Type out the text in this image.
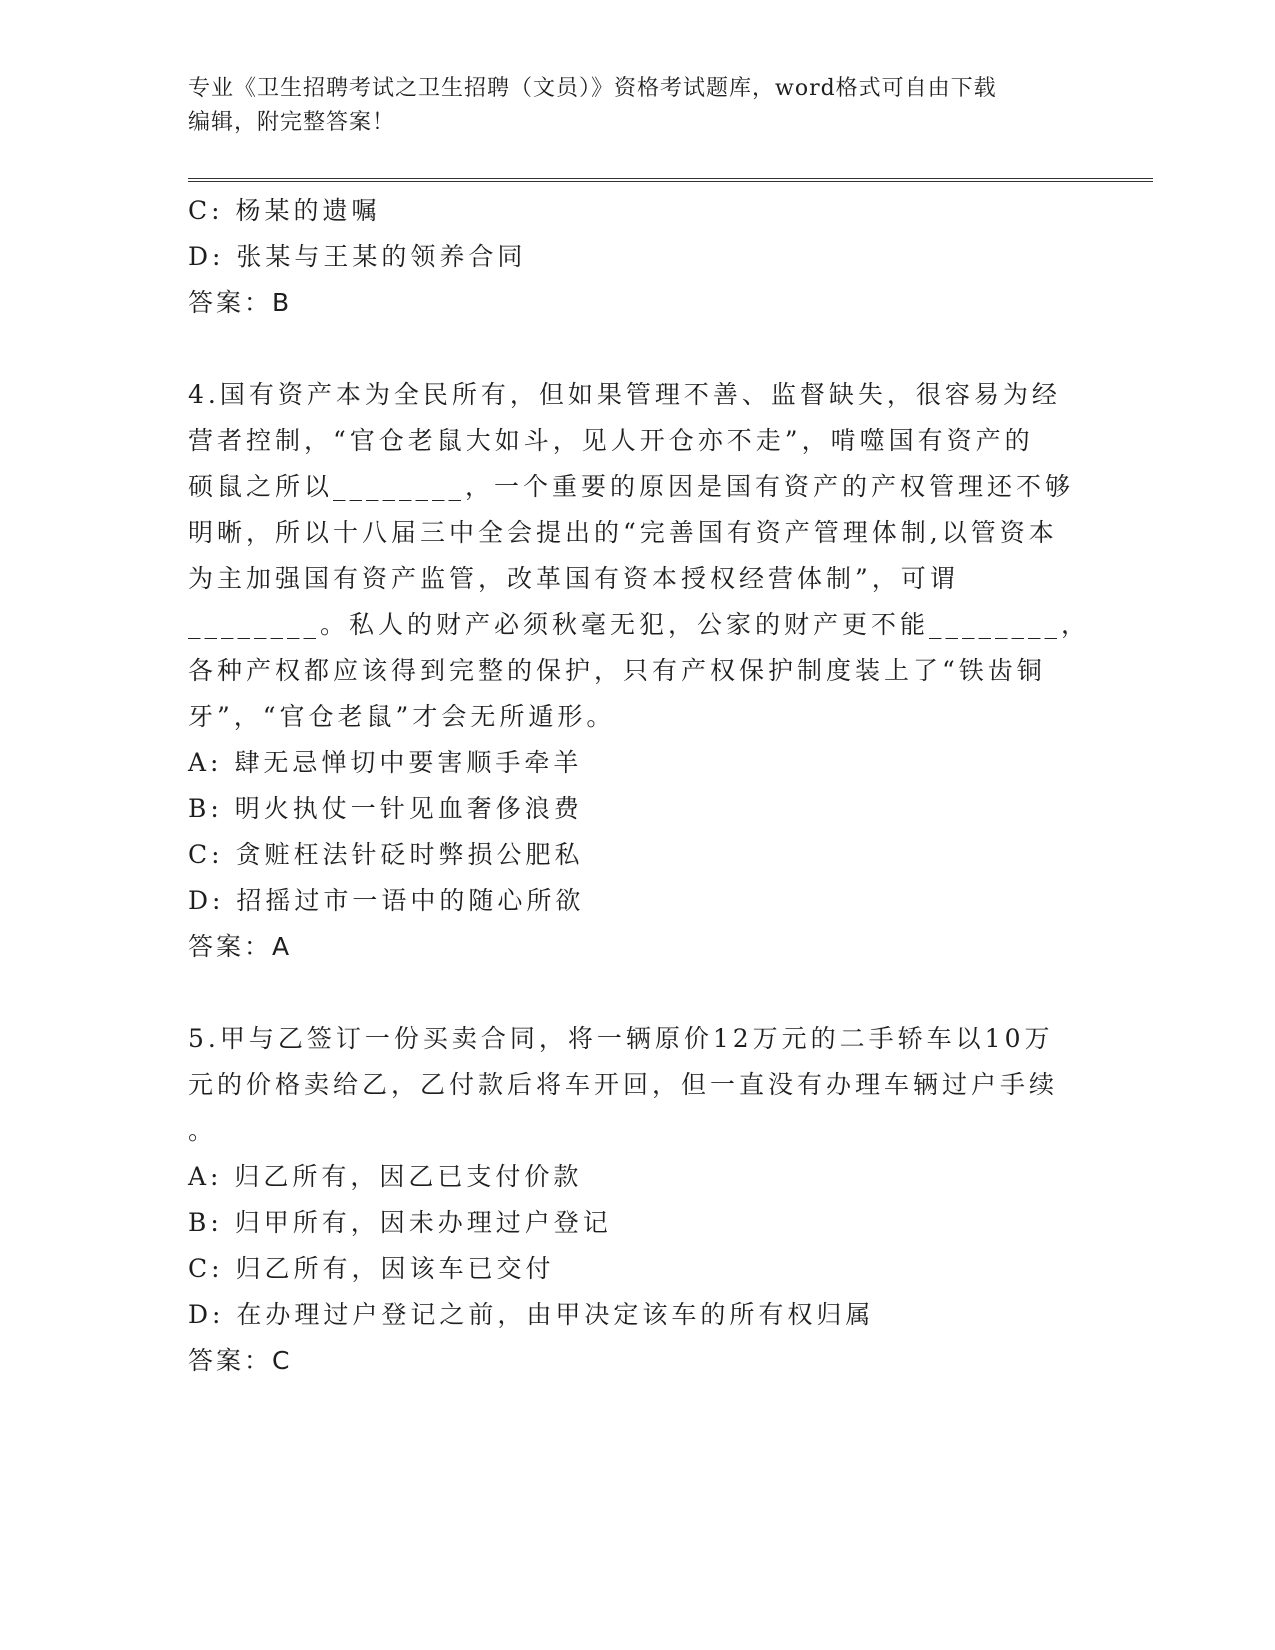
专业《卫生招聘考试之卫生招聘（文员）》资格考试题库，word格式可自由下载
编辑，附完整答案！
C: 杨某的遗嘱
D: 张某与王某的领养合同
答案：B
4.国有资产本为全民所有，但如果管理不善、监督缺失，很容易为经
营者控制，“官仓老鼠大如斗，见人开仓亦不走”，啃噬国有资产的
硕鼠之所以________，一个重要的原因是国有资产的产权管理还不够
明晰，所以十八届三中全会提出的“完善国有资产管理体制,以管资本
为主加强国有资产监管，改革国有资本授权经营体制”，可谓
________。私人的财产必须秋毫无犯，公家的财产更不能________，
各种产权都应该得到完整的保护，只有产权保护制度装上了“铁齿铜
牙”，“官仓老鼠”才会无所遁形。
A: 肆无忌惮切中要害顺手牵羊
B: 明火执仗一针见血奢侈浪费
C: 贪赃枉法针砭时弊损公肥私
D: 招摇过市一语中的随心所欲
答案：A
5.甲与乙签订一份买卖合同，将一辆原价12万元的二手轿车以10万
元的价格卖给乙，乙付款后将车开回，但一直没有办理车辆过户手续
。
A: 归乙所有，因乙已支付价款
B: 归甲所有，因未办理过户登记
C: 归乙所有，因该车已交付
D: 在办理过户登记之前，由甲决定该车的所有权归属
答案：C
